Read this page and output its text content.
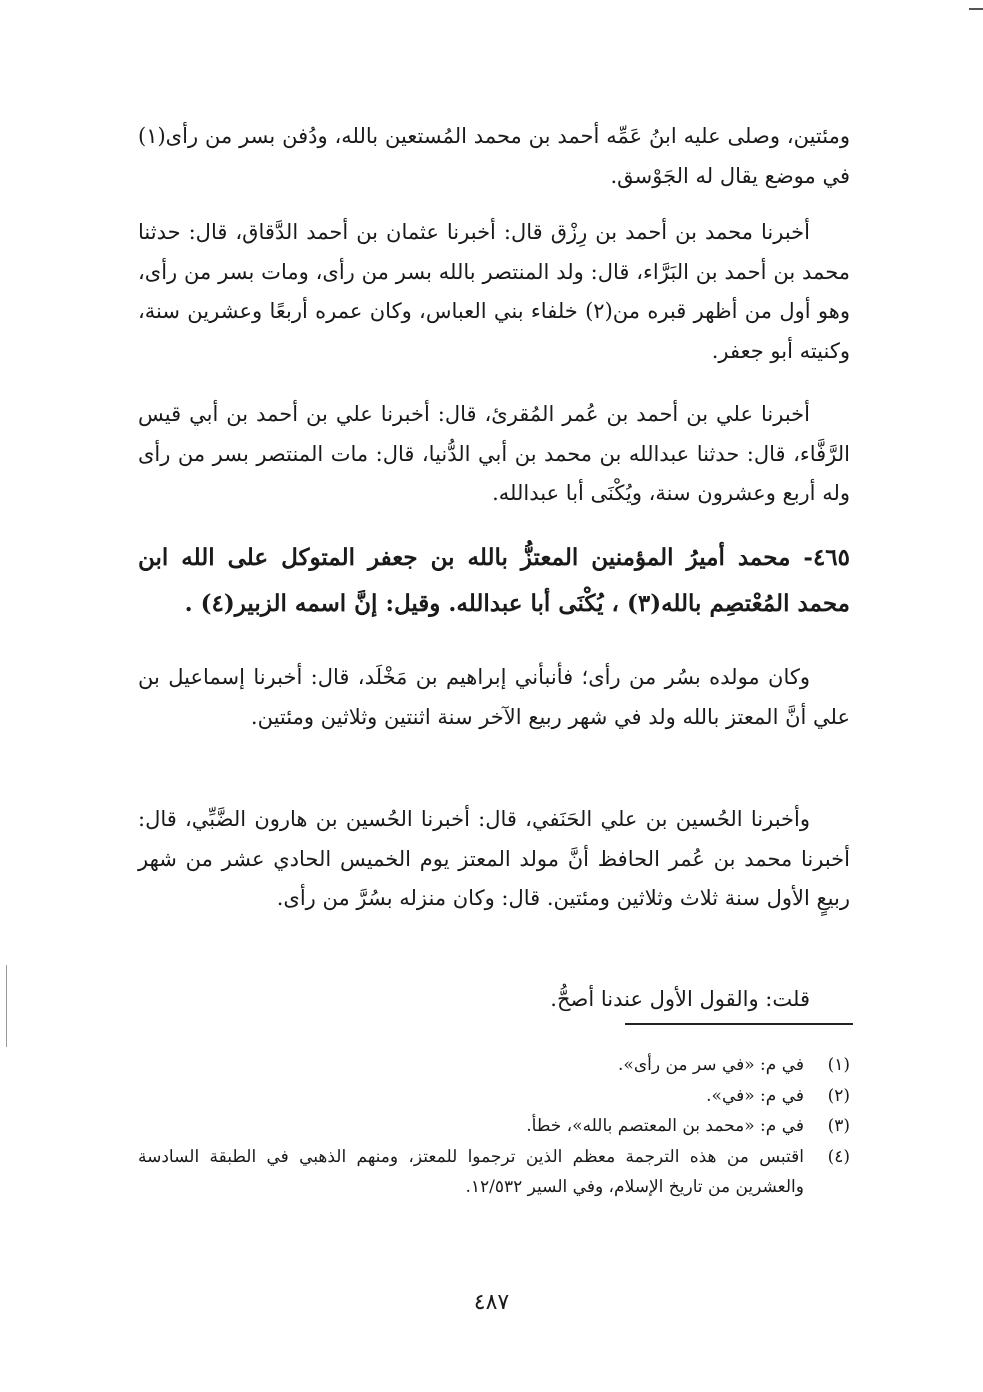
ومئتين، وصلى عليه ابنُ عَمِّه أحمد بن محمد المُستعين بالله، ودُفن بسر من رأى(١) في موضع يقال له الجَوْسق.

أخبرنا محمد بن أحمد بن رِزْق قال: أخبرنا عثمان بن أحمد الدَّقاق، قال: حدثنا محمد بن أحمد بن البَرَّاء، قال: ولد المنتصر بالله بسر من رأى، ومات بسر من رأى، وهو أول من أظهر قبره من(٢) خلفاء بني العباس، وكان عمره أربعًا وعشرين سنة، وكنيته أبو جعفر.

أخبرنا علي بن أحمد بن عُمر المُقرئ، قال: أخبرنا علي بن أحمد بن أبي قيس الرَّفَّاء، قال: حدثنا عبدالله بن محمد بن أبي الدُّنيا، قال: مات المنتصر بسر من رأى وله أربع وعشرون سنة، ويُكْنَى أبا عبدالله.

٤٦٥- محمد أميرُ المؤمنين المعتزُّ بالله بن جعفر المتوكل على الله ابن محمد المُعْتصِم بالله(٣) ، يُكْنَى أبا عبدالله. وقيل: إنَّ اسمه الزبير(٤) .

وكان مولده بسُر من رأى؛ فأنبأني إبراهيم بن مَخْلَد، قال: أخبرنا إسماعيل بن علي أنَّ المعتز بالله ولد في شهر ربيع الآخر سنة اثنتين وثلاثين ومئتين.

وأخبرنا الحُسين بن علي الحَنَفي، قال: أخبرنا الحُسين بن هارون الضَّبِّي، قال: أخبرنا محمد بن عُمر الحافظ أنَّ مولد المعتز يوم الخميس الحادي عشر من شهر ربيعٍ الأول سنة ثلاث وثلاثين ومئتين. قال: وكان منزله بسُرَّ من رأى.

قلت: والقول الأول عندنا أصحُّ.

(١)
في م: «في سر من رأى».
(٢)
في م: «في».
(٣)
في م: «محمد بن المعتصم بالله»، خطأ.
(٤)
اقتبس من هذه الترجمة معظم الذين ترجموا للمعتز، ومنهم الذهبي في الطبقة السادسة والعشرين من تاريخ الإسلام، وفي السير ١٢/٥٣٢.
٤٨٧
